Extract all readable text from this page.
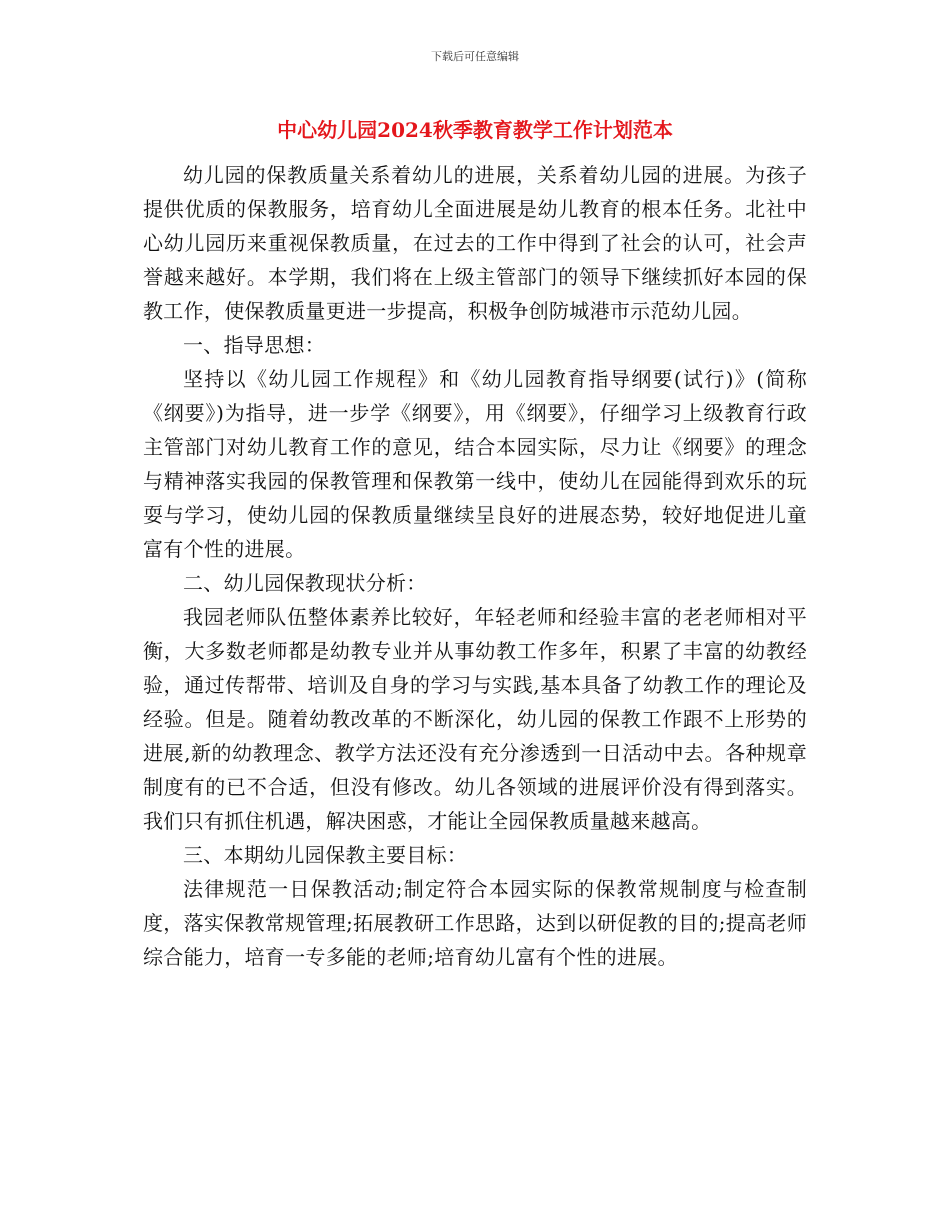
下载后可任意编辑
中心幼儿园2024秋季教育教学工作计划范本

幼儿园的保教质量关系着幼儿的进展，关系着幼儿园的进展。为孩子提供优质的保教服务，培育幼儿全面进展是幼儿教育的根本任务。北社中心幼儿园历来重视保教质量，在过去的工作中得到了社会的认可，社会声誉越来越好。本学期，我们将在上级主管部门的领导下继续抓好本园的保教工作，使保教质量更进一步提高，积极争创防城港市示范幼儿园。

一、指导思想：

坚持以《幼儿园工作规程》和《幼儿园教育指导纲要(试行)》(简称《纲要》)为指导，进一步学《纲要》，用《纲要》，仔细学习上级教育行政主管部门对幼儿教育工作的意见，结合本园实际，尽力让《纲要》的理念与精神落实我园的保教管理和保教第一线中，使幼儿在园能得到欢乐的玩耍与学习，使幼儿园的保教质量继续呈良好的进展态势，较好地促进儿童富有个性的进展。

二、幼儿园保教现状分析：

我园老师队伍整体素养比较好，年轻老师和经验丰富的老老师相对平衡，大多数老师都是幼教专业并从事幼教工作多年，积累了丰富的幼教经验，通过传帮带、培训及自身的学习与实践,基本具备了幼教工作的理论及经验。但是。随着幼教改革的不断深化，幼儿园的保教工作跟不上形势的进展,新的幼教理念、教学方法还没有充分渗透到一日活动中去。各种规章制度有的已不合适，但没有修改。幼儿各领域的进展评价没有得到落实。我们只有抓住机遇，解决困惑，才能让全园保教质量越来越高。

三、本期幼儿园保教主要目标：

法律规范一日保教活动;制定符合本园实际的保教常规制度与检查制度，落实保教常规管理;拓展教研工作思路，达到以研促教的目的;提高老师综合能力，培育一专多能的老师;培育幼儿富有个性的进展。
